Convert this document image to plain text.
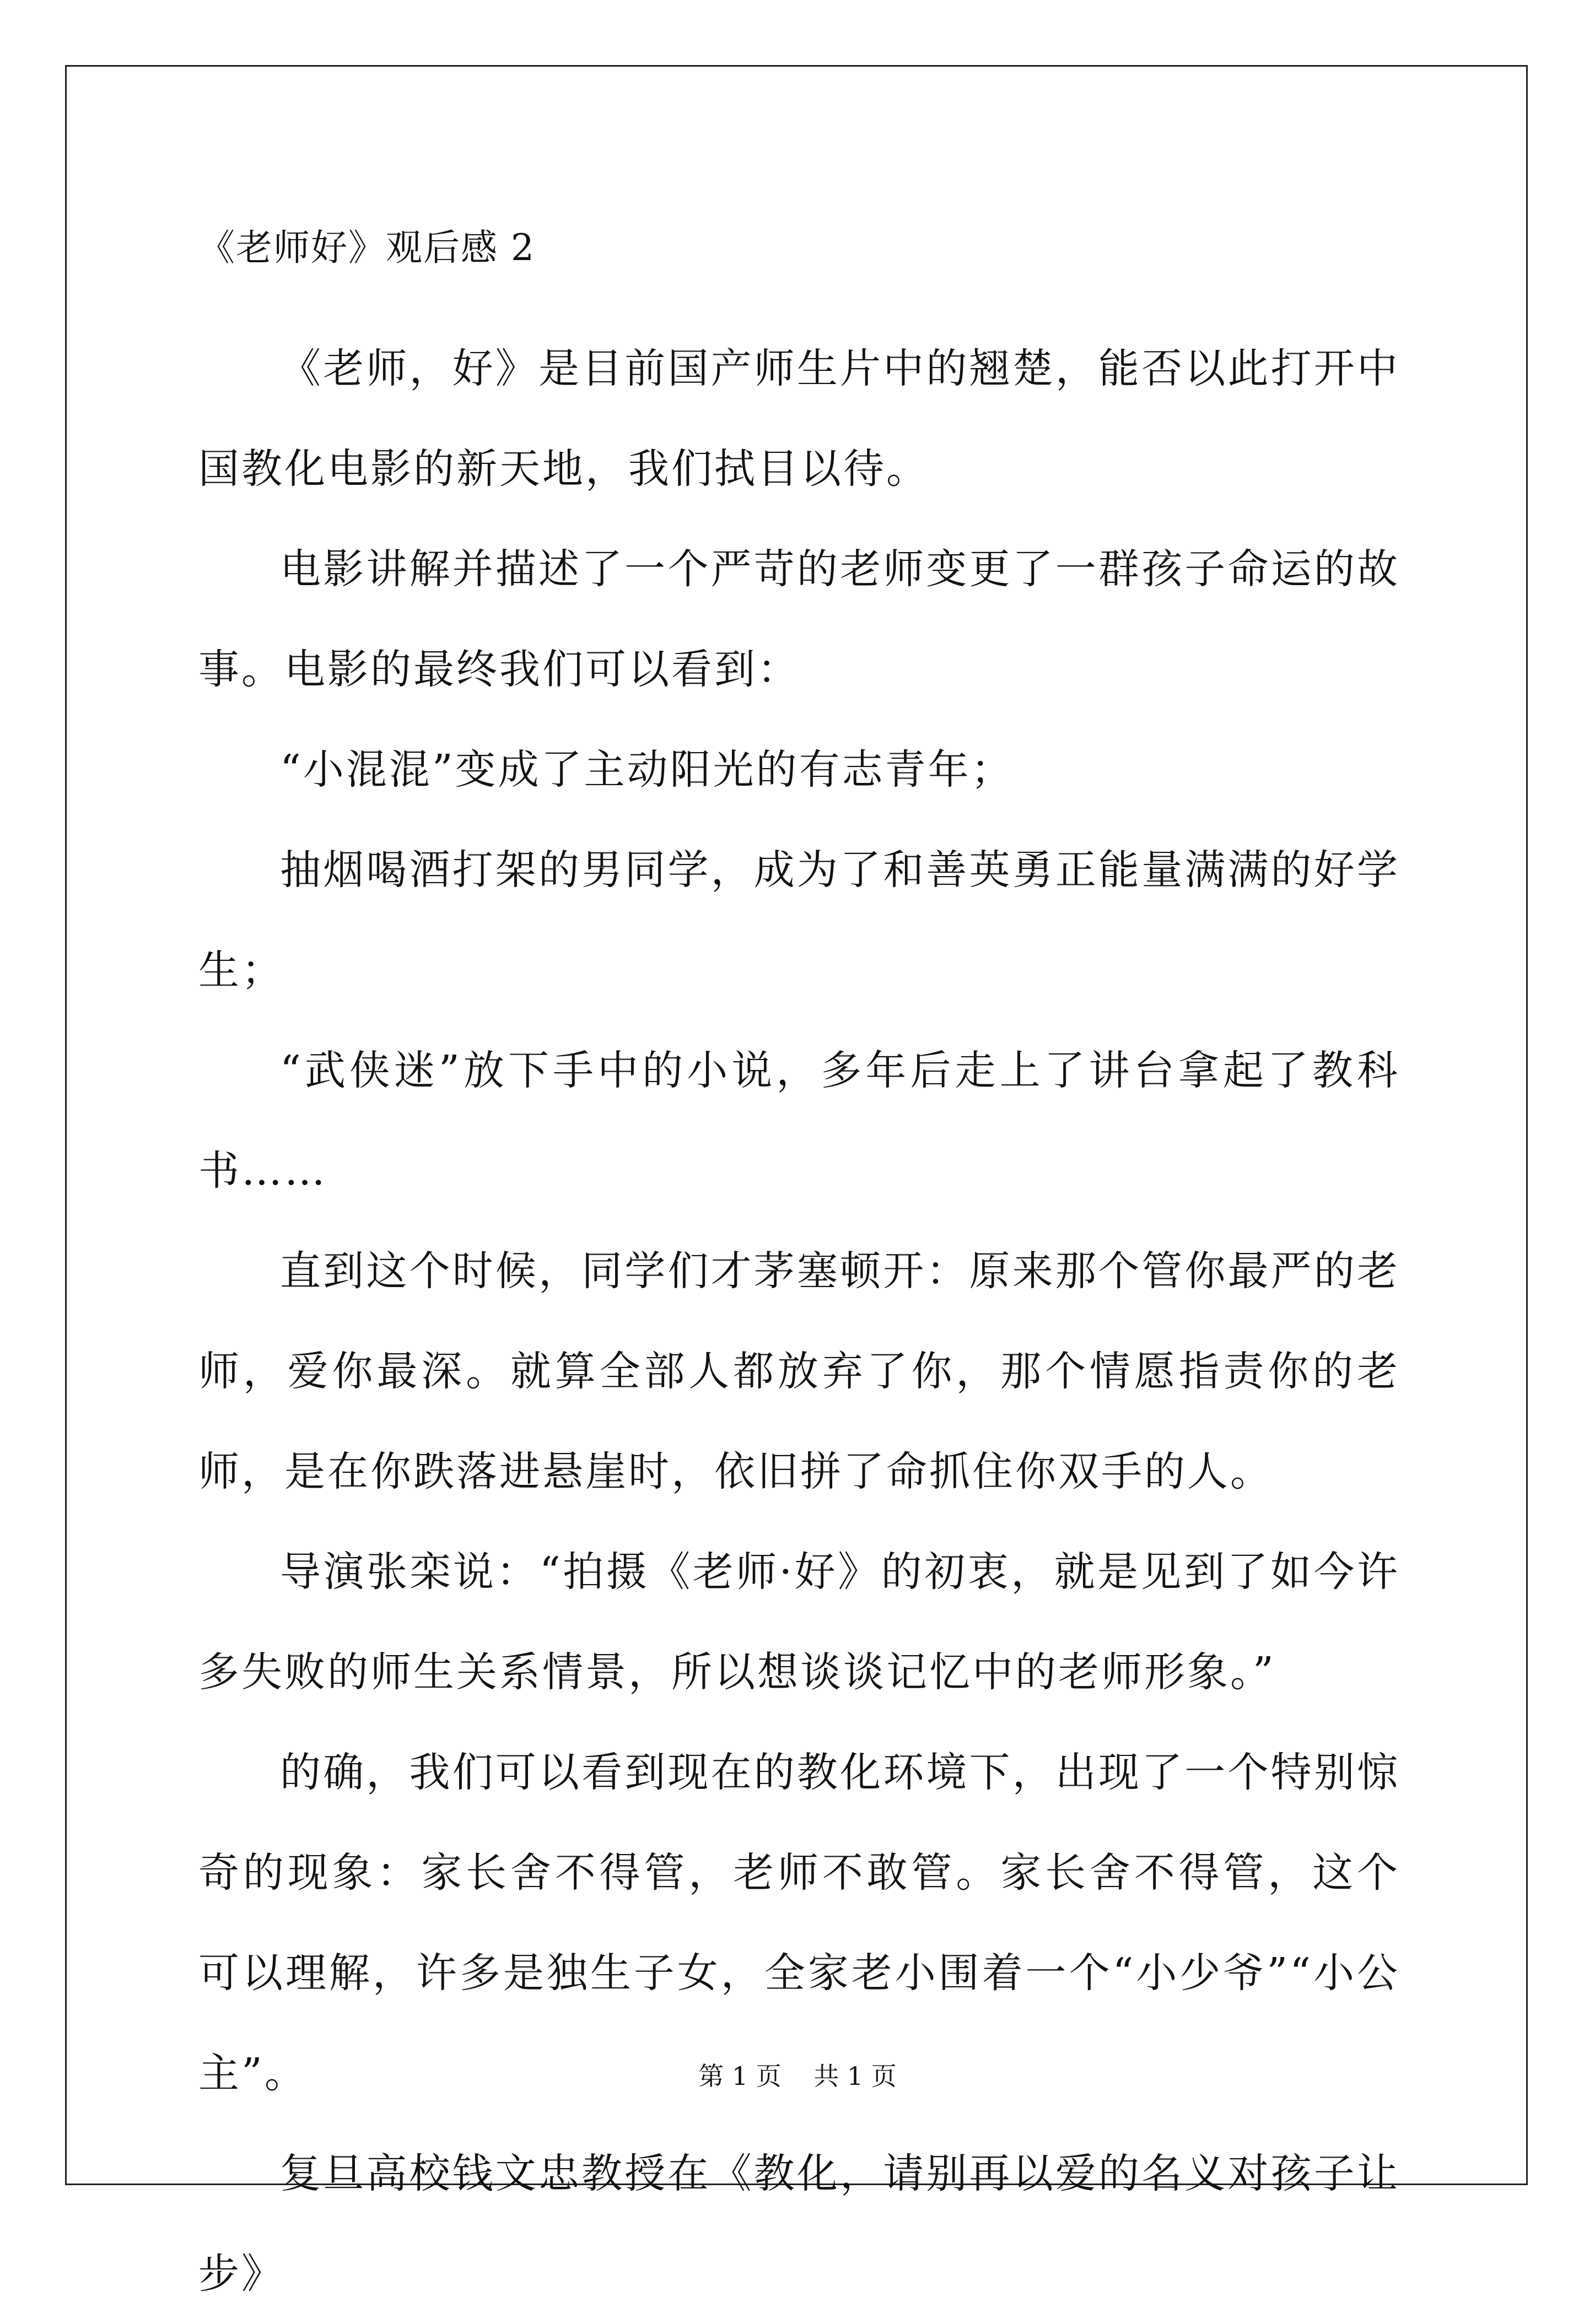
《老师好》观后感 2

《老师，好》是目前国产师生片中的翘楚，能否以此打开中国教化电影的新天地，我们拭目以待。

电影讲解并描述了一个严苛的老师变更了一群孩子命运的故事。电影的最终我们可以看到：

“小混混”变成了主动阳光的有志青年；

抽烟喝酒打架的男同学，成为了和善英勇正能量满满的好学生；

“武侠迷”放下手中的小说，多年后走上了讲台拿起了教科书……

直到这个时候，同学们才茅塞顿开：原来那个管你最严的老师，爱你最深。就算全部人都放弃了你，那个情愿指责你的老师，是在你跌落进悬崖时，依旧拼了命抓住你双手的人。

导演张栾说：“拍摄《老师·好》的初衷，就是见到了如今许多失败的师生关系情景，所以想谈谈记忆中的老师形象。”

的确，我们可以看到现在的教化环境下，出现了一个特别惊奇的现象：家长舍不得管，老师不敢管。家长舍不得管，这个可以理解，许多是独生子女，全家老小围着一个“小少爷”“小公主”。

复旦高校钱文忠教授在《教化，请别再以爱的名义对孩子让步》

第 1 页    共 1 页
